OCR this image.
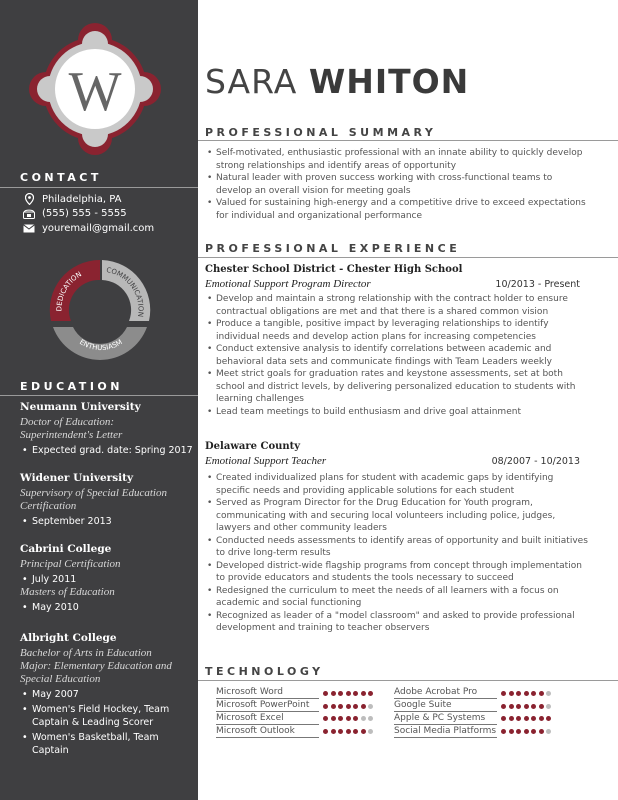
W
CONTACT
Philadelphia, PA
(555) 555 - 5555
youremail@gmail.com
DEDICATION	COMMUNICATION
ENTHUSIASM
EDUCATION
Neumann University
Doctor of Education:
Superintendent's Letter
• Expected grad. date: Spring 2017
Widener University
Supervisory of Special Education
Certification
• September 2013
Cabrini College
Principal Certification
• July 2011
Masters of Education
• May 2010
Albright College
Bachelor of Arts in Education
Major: Elementary Education and
Special Education
• May 2007
• Women's Field Hockey, Team
Captain & Leading Scorer
• Women's Basketball, Team Captain
SARA WHITON
PROFESSIONAL SUMMARY
• Self-motivated, enthusiastic professional with an innate ability to quickly develop strong relationships and identify areas of opportunity
• Natural leader with proven success working with cross-functional teams to develop an overall vision for meeting goals
• Valued for sustaining high-energy and a competitive drive to exceed expectations for individual and organizational performance
PROFESSIONAL EXPERIENCE
Chester School District - Chester High School
Emotional Support Program Director	10/2013 - Present
• Develop and maintain a strong relationship with the contract holder to ensure contractual obligations are met and that there is a shared common vision
• Produce a tangible, positive impact by leveraging relationships to identify individual needs and develop action plans for increasing competencies
• Conduct extensive analysis to identify correlations between academic and behavioral data sets and communicate findings with Team Leaders weekly
• Meet strict goals for graduation rates and keystone assessments, set at both school and district levels, by delivering personalized education to students with learning challenges
• Lead team meetings to build enthusiasm and drive goal attainment
Delaware County
Emotional Support Teacher	08/2007 - 10/2013
• Created individualized plans for student with academic gaps by identifying specific needs and providing applicable solutions for each student
• Served as Program Director for the Drug Education for Youth program, communicating with and securing local volunteers including police, judges, lawyers and other community leaders
• Conducted needs assessments to identify areas of opportunity and built initiatives to drive long-term results
• Developed district-wide flagship programs from concept through implementation to provide educators and students the tools necessary to succeed
• Redesigned the curriculum to meet the needs of all learners with a focus on academic and social functioning
• Recognized as leader of a "model classroom" and asked to provide professional development and training to teacher observers
TECHNOLOGY
Microsoft Word
Microsoft PowerPoint
Microsoft Excel
Microsoft Outlook
Adobe Acrobat Pro
Google Suite
Apple & PC Systems
Social Media Platforms
